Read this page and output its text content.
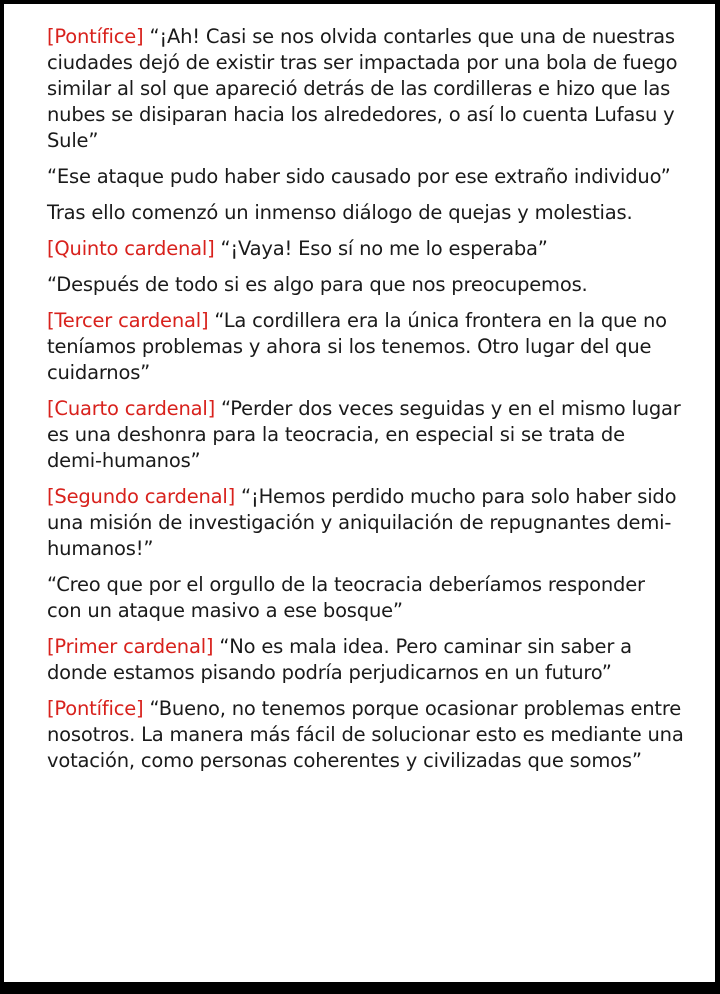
[Pontífice] “¡Ah! Casi se nos olvida contarles que una de nuestras ciudades dejó de existir tras ser impactada por una bola de fuego similar al sol que apareció detrás de las cordilleras e hizo que las nubes se disiparan hacia los alrededores, o así lo cuenta Lufasu y Sule”

“Ese ataque pudo haber sido causado por ese extraño individuo”

Tras ello comenzó un inmenso diálogo de quejas y molestias.

[Quinto cardenal] “¡Vaya! Eso sí no me lo esperaba”

“Después de todo si es algo para que nos preocupemos.

[Tercer cardenal] “La cordillera era la única frontera en la que no teníamos problemas y ahora si los tenemos. Otro lugar del que cuidarnos”

[Cuarto cardenal] “Perder dos veces seguidas y en el mismo lugar es una deshonra para la teocracia, en especial si se trata de demi-humanos”

[Segundo cardenal] “¡Hemos perdido mucho para solo haber sido una misión de investigación y aniquilación de repugnantes demi-humanos!”

“Creo que por el orgullo de la teocracia deberíamos responder con un ataque masivo a ese bosque”

[Primer cardenal] “No es mala idea. Pero caminar sin saber a donde estamos pisando podría perjudicarnos en un futuro”

[Pontífice] “Bueno, no tenemos porque ocasionar problemas entre nosotros. La manera más fácil de solucionar esto es mediante una votación, como personas coherentes y civilizadas que somos”
